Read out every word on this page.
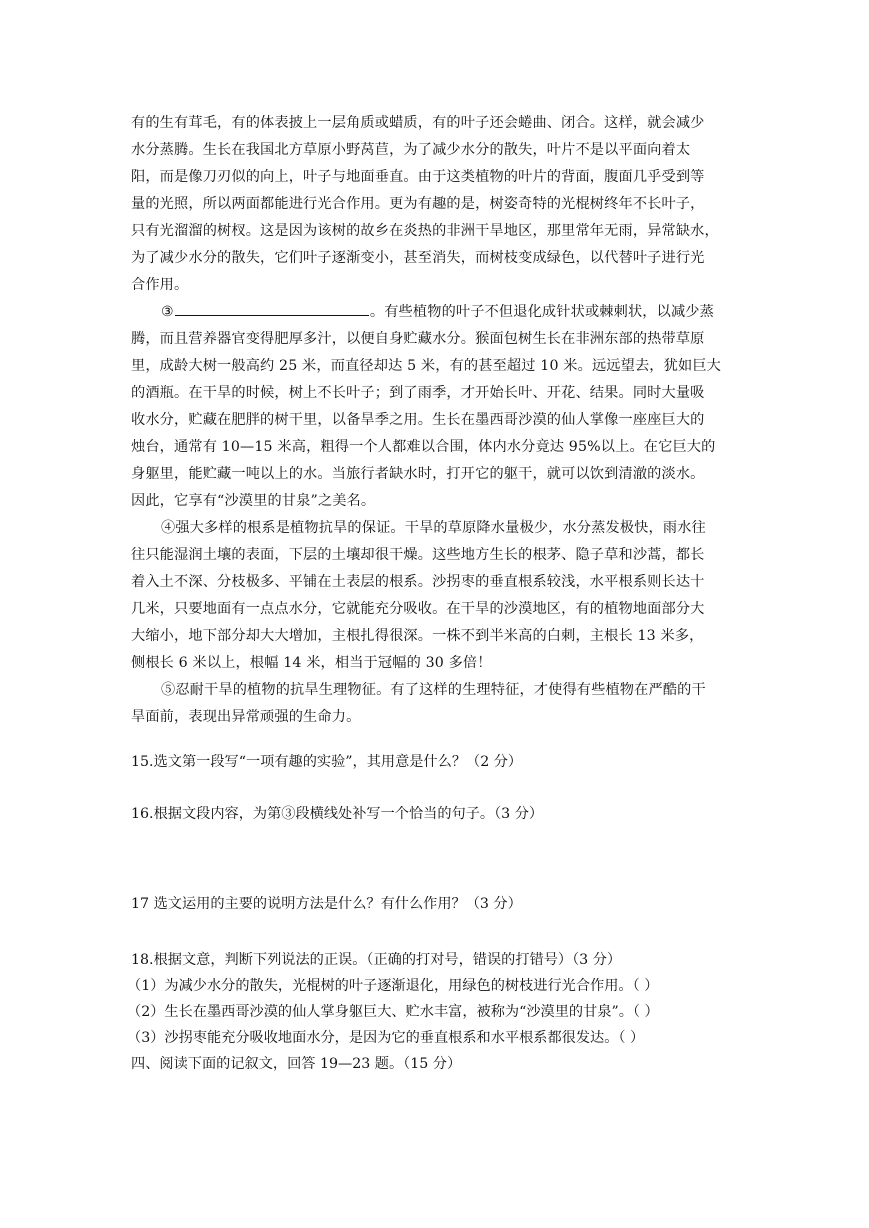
有的生有茸毛，有的体表披上一层角质或蜡质，有的叶子还会蜷曲、闭合。这样，就会减少
水分蒸腾。生长在我国北方草原小野莴苣，为了减少水分的散失，叶片不是以平面向着太
阳，而是像刀刃似的向上，叶子与地面垂直。由于这类植物的叶片的背面，腹面几乎受到等
量的光照，所以两面都能进行光合作用。更为有趣的是，树姿奇特的光棍树终年不长叶子，
只有光溜溜的树杈。这是因为该树的故乡在炎热的非洲干旱地区，那里常年无雨，异常缺水，
为了减少水分的散失，它们叶子逐渐变小，甚至消失，而树枝变成绿色，以代替叶子进行光
合作用。
③	。有些植物的叶子不但退化成针状或棘刺状，以减少蒸
腾，而且营养器官变得肥厚多汁，以便自身贮藏水分。猴面包树生长在非洲东部的热带草原
里，成龄大树一般高约 25 米，而直径却达 5 米，有的甚至超过 10 米。远远望去，犹如巨大
的酒瓶。在干旱的时候，树上不长叶子；到了雨季，才开始长叶、开花、结果。同时大量吸
收水分，贮藏在肥胖的树干里，以备旱季之用。生长在墨西哥沙漠的仙人掌像一座座巨大的
烛台，通常有 10—15 米高，粗得一个人都难以合围，体内水分竟达 95%以上。在它巨大的
身躯里，能贮藏一吨以上的水。当旅行者缺水时，打开它的躯干，就可以饮到清澈的淡水。
因此，它享有“沙漠里的甘泉”之美名。
④强大多样的根系是植物抗旱的保证。干旱的草原降水量极少，水分蒸发极快，雨水往
往只能湿润土壤的表面，下层的土壤却很干燥。这些地方生长的根茅、隐子草和沙蒿，都长
着入土不深、分枝极多、平铺在土表层的根系。沙拐枣的垂直根系较浅，水平根系则长达十
几米，只要地面有一点点水分，它就能充分吸收。在干旱的沙漠地区，有的植物地面部分大
大缩小，地下部分却大大增加，主根扎得很深。一株不到半米高的白刺，主根长 13 米多，
侧根长 6 米以上，根幅 14 米，相当于冠幅的 30 多倍！
⑤忍耐干旱的植物的抗旱生理物征。有了这样的生理特征，才使得有些植物在严酷的干
旱面前，表现出异常顽强的生命力。
15.选文第一段写“一项有趣的实验”，其用意是什么？（2 分）
16.根据文段内容，为第③段横线处补写一个恰当的句子。（3 分）
17 选文运用的主要的说明方法是什么？有什么作用？（3 分）
18.根据文意，判断下列说法的正误。（正确的打对号，错误的打错号）（3 分）
（1）为减少水分的散失，光棍树的叶子逐渐退化，用绿色的树枝进行光合作用。（ ）
（2）生长在墨西哥沙漠的仙人掌身躯巨大、贮水丰富，被称为“沙漠里的甘泉”。（ ）
（3）沙拐枣能充分吸收地面水分，是因为它的垂直根系和水平根系都很发达。（ ）
四、阅读下面的记叙文，回答 19—23 题。（15 分）
